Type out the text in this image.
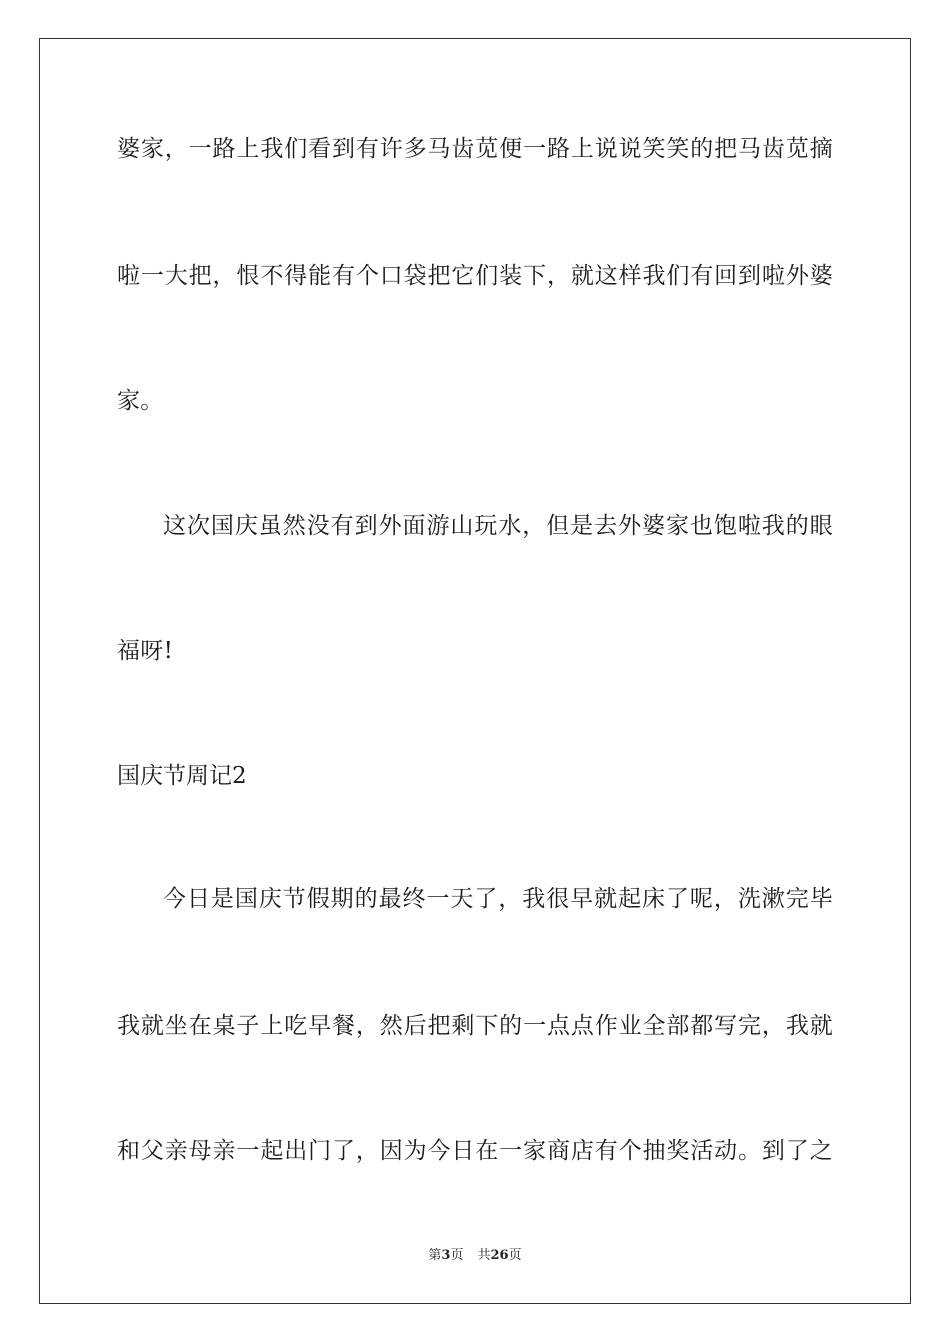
婆家，一路上我们看到有许多马齿苋便一路上说说笑笑的把马齿苋摘
啦一大把，恨不得能有个口袋把它们装下，就这样我们有回到啦外婆
家。
这次国庆虽然没有到外面游山玩水，但是去外婆家也饱啦我的眼
福呀!
国庆节周记2
今日是国庆节假期的最终一天了，我很早就起床了呢，洗漱完毕
我就坐在桌子上吃早餐，然后把剩下的一点点作业全部都写完，我就
和父亲母亲一起出门了，因为今日在一家商店有个抽奖活动。到了之
第3页 共26页
